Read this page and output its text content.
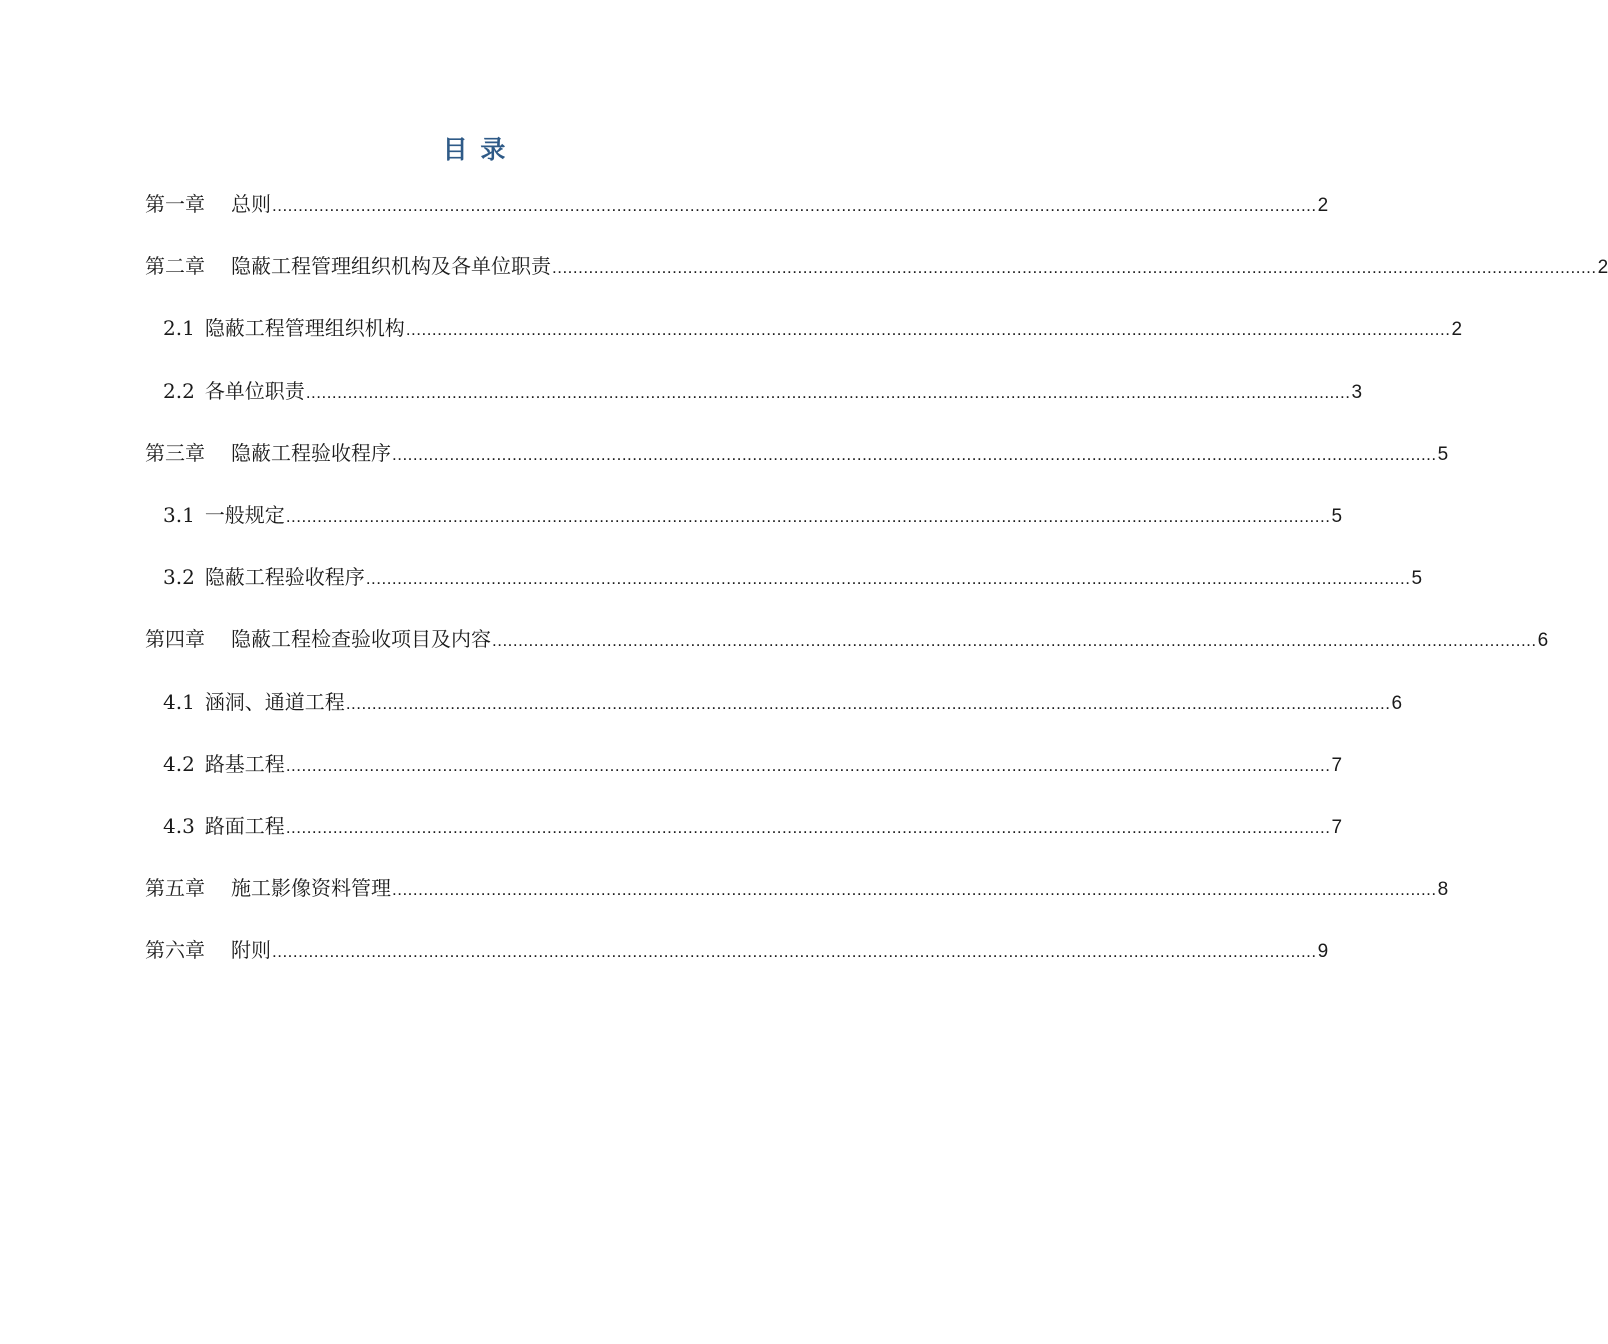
目 录
第一章 总则 ........................................................................................................................................................................................................ 2
第二章 隐蔽工程管理组织机构及各单位职责 ........................................................................................................................................................................................................ 2
2.1 隐蔽工程管理组织机构 ........................................................................................................................................................................................................ 2
2.2 各单位职责 ........................................................................................................................................................................................................ 3
第三章 隐蔽工程验收程序 ........................................................................................................................................................................................................ 5
3.1 一般规定 ........................................................................................................................................................................................................ 5
3.2 隐蔽工程验收程序 ........................................................................................................................................................................................................ 5
第四章 隐蔽工程检查验收项目及内容 ........................................................................................................................................................................................................ 6
4.1 涵洞、通道工程 ........................................................................................................................................................................................................ 6
4.2 路基工程 ........................................................................................................................................................................................................ 7
4.3 路面工程 ........................................................................................................................................................................................................ 7
第五章 施工影像资料管理 ........................................................................................................................................................................................................ 8
第六章 附则 ........................................................................................................................................................................................................ 9
